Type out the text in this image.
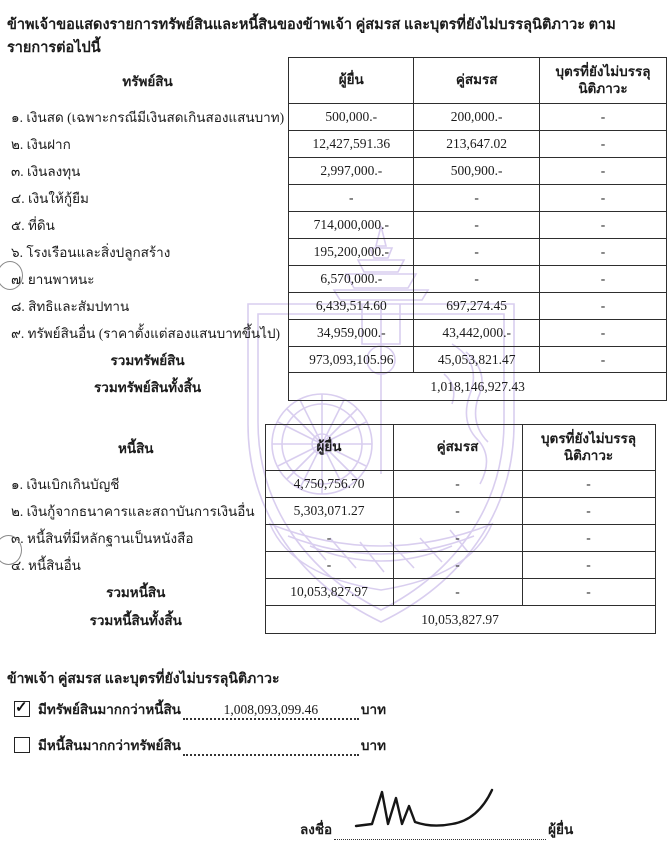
ข้าพเจ้าขอแสดงรายการทรัพย์สินและหนี้สินของข้าพเจ้า คู่สมรส และบุตรที่ยังไม่บรรลุนิติภาวะ ตามรายการต่อไปนี้
ทรัพย์สิน	ผู้ยื่น	คู่สมรส	บุตรที่ยังไม่บรรลุ
นิติภาวะ
๑. เงินสด (เฉพาะกรณีมีเงินสดเกินสองแสนบาท)	500,000.-	200,000.-	-
๒. เงินฝาก	12,427,591.36	213,647.02	-
๓. เงินลงทุน	2,997,000.-	500,900.-	-
๔. เงินให้กู้ยืม	-	-	-
๕. ที่ดิน	714,000,000.-	-	-
๖. โรงเรือนและสิ่งปลูกสร้าง	195,200,000.-	-	-
๗. ยานพาหนะ	6,570,000.-	-	-
๘. สิทธิและสัมปทาน	6,439,514.60	697,274.45	-
๙. ทรัพย์สินอื่น (ราคาตั้งแต่สองแสนบาทขึ้นไป)	34,959,000.-	43,442,000.-	-
รวมทรัพย์สิน	973,093,105.96	45,053,821.47	-
รวมทรัพย์สินทั้งสิ้น	1,018,146,927.43		
หนี้สิน	ผู้ยื่น	คู่สมรส	บุตรที่ยังไม่บรรลุ
นิติภาวะ
๑. เงินเบิกเกินบัญชี	4,750,756.70	-	-
๒. เงินกู้จากธนาคารและสถาบันการเงินอื่น	5,303,071.27	-	-
๓. หนี้สินที่มีหลักฐานเป็นหนังสือ	-	-	-
๔. หนี้สินอื่น	-	-	-
รวมหนี้สิน	10,053,827.97	-	-
รวมหนี้สินทั้งสิ้น	10,053,827.97		
ข้าพเจ้า คู่สมรส และบุตรที่ยังไม่บรรลุนิติภาวะ
✓ มีทรัพย์สินมากกว่าหนี้สิน	1,008,093,099.46	บาท
มีหนี้สินมากกว่าทรัพย์สิน	บาท
ลงชื่อ
	ผู้ยื่น
